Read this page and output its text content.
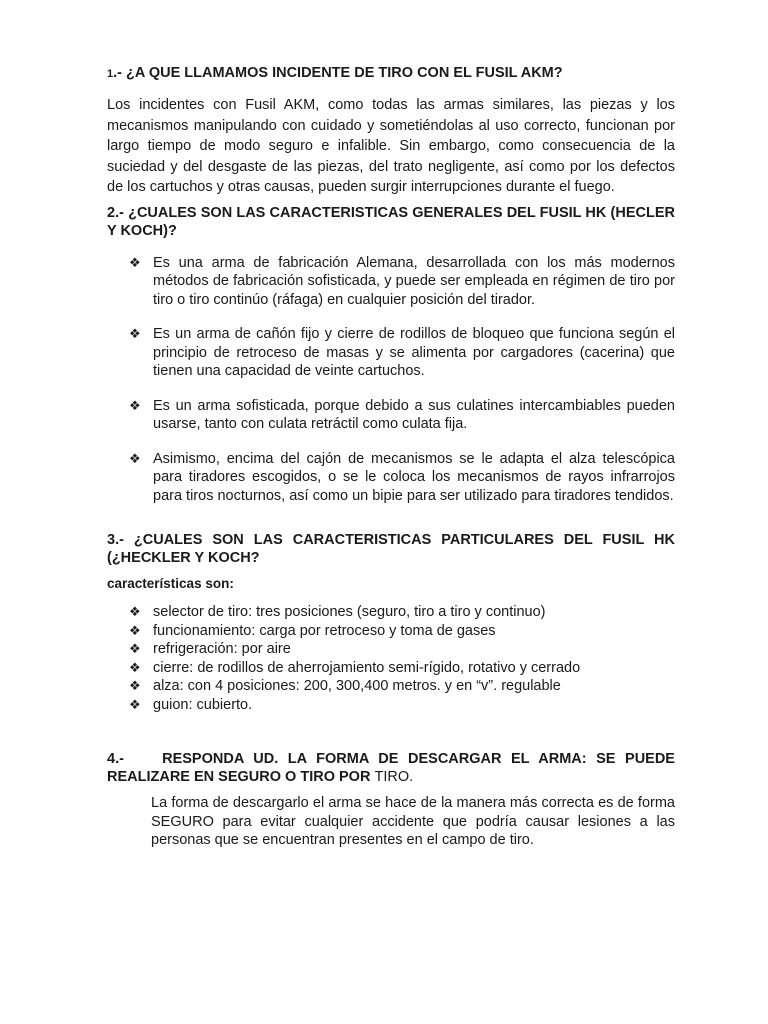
1.- ¿A QUE LLAMAMOS INCIDENTE DE TIRO CON EL FUSIL AKM?

Los incidentes con Fusil AKM, como todas las armas similares, las piezas y los mecanismos manipulando con cuidado y sometiéndolas al uso correcto, funcionan por largo tiempo de modo seguro e infalible. Sin embargo, como consecuencia de la suciedad y del desgaste de las piezas, del trato negligente, así como por los defectos de los cartuchos y otras causas, pueden surgir interrupciones durante el fuego.

2.- ¿CUALES SON LAS CARACTERISTICAS GENERALES DEL FUSIL HK (HECLER Y KOCH)?

❖ Es una arma de fabricación Alemana, desarrollada con los más modernos métodos de fabricación sofisticada, y puede ser empleada en régimen de tiro por tiro o tiro continúo (ráfaga) en cualquier posición del tirador.
❖ Es un arma de cañón fijo y cierre de rodillos de bloqueo que funciona según el principio de retroceso de masas y se alimenta por cargadores (cacerina) que tienen una capacidad de veinte cartuchos.
❖ Es un arma sofisticada, porque debido a sus culatines intercambiables pueden usarse, tanto con culata retráctil como culata fija.
❖ Asimismo, encima del cajón de mecanismos se le adapta el alza telescópica para tiradores escogidos, o se le coloca los mecanismos de rayos infrarrojos para tiros nocturnos, así como un bipie para ser utilizado para tiradores tendidos.

3.- ¿CUALES SON LAS CARACTERISTICAS PARTICULARES DEL FUSIL HK (¿HECKLER Y KOCH?

características son:

❖ selector de tiro: tres posiciones (seguro, tiro a tiro y continuo)
❖ funcionamiento: carga por retroceso y toma de gases
❖ refrigeración: por aire
❖ cierre: de rodillos de aherrojamiento semi-rígido, rotativo y cerrado
❖ alza: con 4 posiciones: 200, 300,400 metros. y en “v”. regulable
❖ guion: cubierto.

4.-	RESPONDA UD. LA FORMA DE DESCARGAR EL ARMA: SE PUEDE REALIZARE EN SEGURO O TIRO POR TIRO.

La forma de descargarlo el arma se hace de la manera más correcta es de forma SEGURO para evitar cualquier accidente que podría causar lesiones a las personas que se encuentran presentes en el campo de tiro.
